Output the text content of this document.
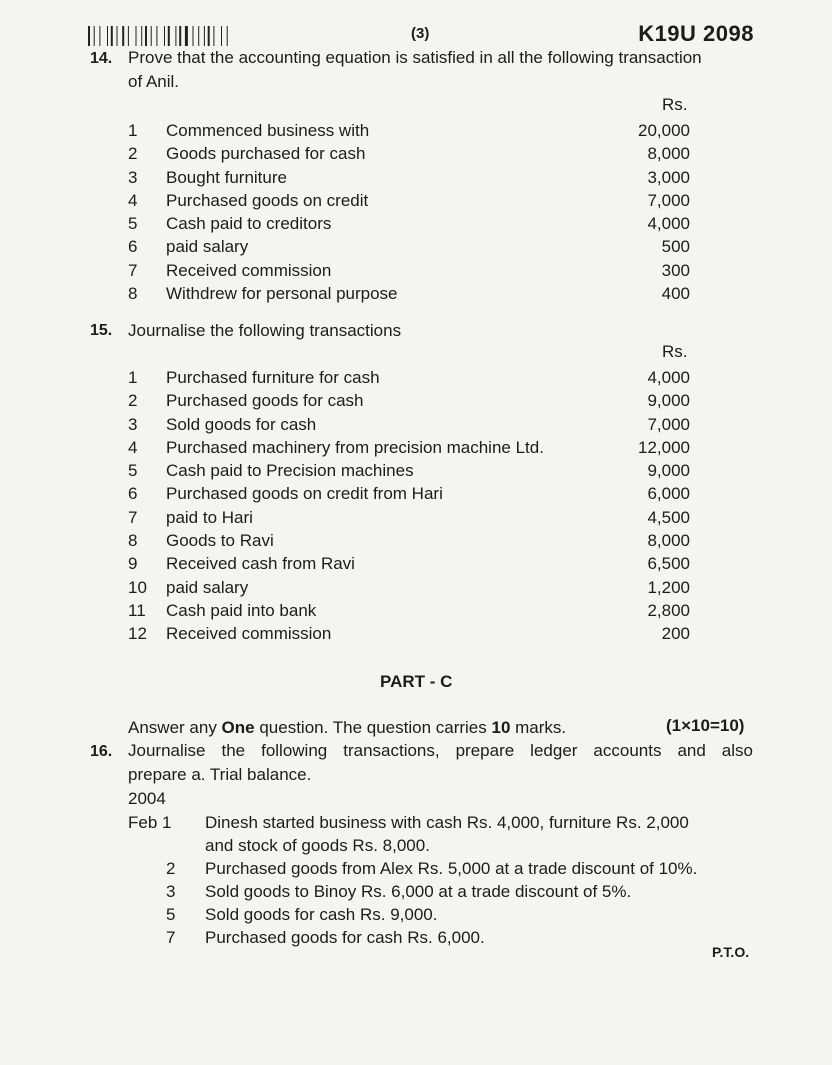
(3)	K19U 2098
14. Prove that the accounting equation is satisfied in all the following transaction
of Anil.
Rs.
1	Commenced business with	20,000
2	Goods purchased for cash	8,000
3	Bought furniture	3,000
4	Purchased goods on credit	7,000
5	Cash paid to creditors	4,000
6	paid salary	500
7	Received commission	300
8	Withdrew for personal purpose	400
15. Journalise the following transactions
Rs.
1	Purchased furniture for cash	4,000
2	Purchased goods for cash	9,000
3	Sold goods for cash	7,000
4	Purchased machinery from precision machine Ltd.	12,000
5	Cash paid to Precision machines	9,000
6	Purchased goods on credit from Hari	6,000
7	paid to Hari	4,500
8	Goods to Ravi	8,000
9	Received cash from Ravi	6,500
10 paid salary	1,200
11 Cash paid into bank	2,800
12 Received commission	200
PART - C
Answer any One question. The question carries 10 marks.	(1×10=10)
16. Journalise the following transactions, prepare ledger accounts and also
prepare a. Trial balance.
2004
Feb 1 Dinesh started business with cash Rs. 4,000, furniture Rs. 2,000
and stock of goods Rs. 8,000.
2 Purchased goods from Alex Rs. 5,000 at a trade discount of 10%.
3 Sold goods to Binoy Rs. 6,000 at a trade discount of 5%.
5 Sold goods for cash Rs. 9,000.
7 Purchased goods for cash Rs. 6,000.
P.T.O.
